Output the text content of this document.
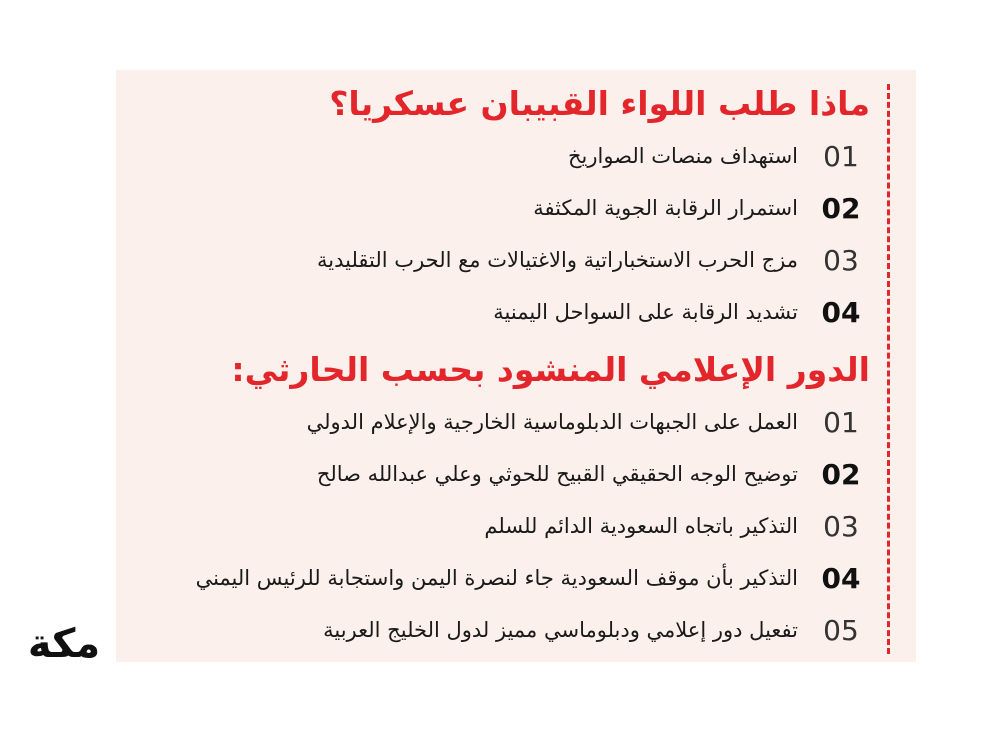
ماذا طلب اللواء القبيبان عسكريا؟
01
استهداف منصات الصواريخ
02
استمرار الرقابة الجوية المكثفة
03
مزج الحرب الاستخباراتية والاغتيالات مع الحرب التقليدية
04
تشديد الرقابة على السواحل اليمنية
الدور الإعلامي المنشود بحسب الحارثي:
01
العمل على الجبهات الدبلوماسية الخارجية والإعلام الدولي
02
توضيح الوجه الحقيقي القبيح للحوثي وعلي عبدالله صالح
03
التذكير باتجاه السعودية الدائم للسلم
04
التذكير بأن موقف السعودية جاء لنصرة اليمن واستجابة للرئيس اليمني
05
تفعيل دور إعلامي ودبلوماسي مميز لدول الخليج العربية
مكة
